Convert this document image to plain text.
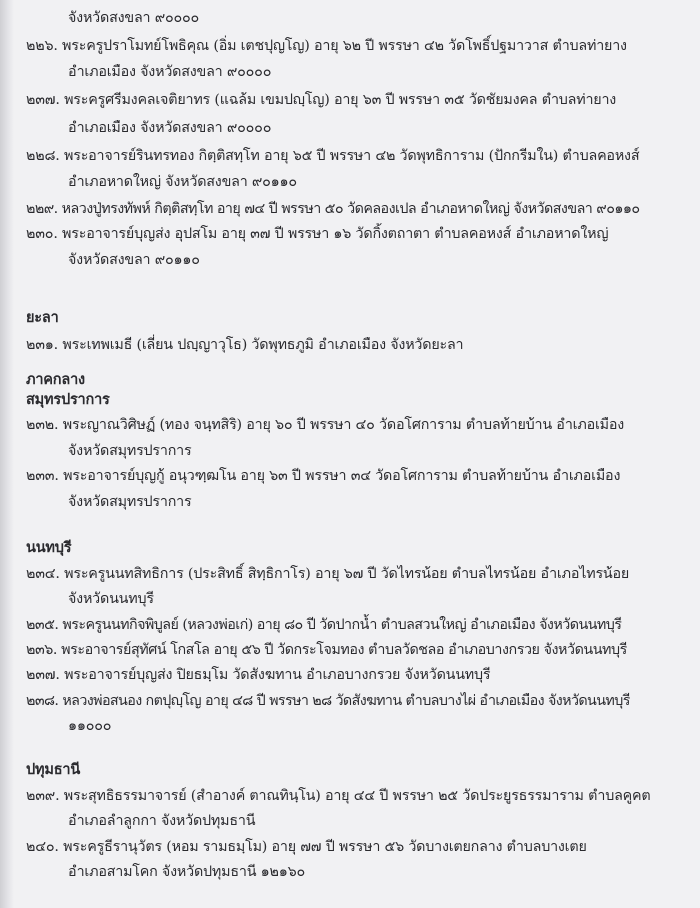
จังหวัดสงขลา ๙๐๐๐๐
๒๒๖. พระครูปราโมทย์โพธิคุณ (อิ่ม เตชปุญโญ) อายุ ๖๒ ปี พรรษา ๔๒ วัดโพธิ์ปฐมาวาส ตำบลท่ายาง
อำเภอเมือง จังหวัดสงขลา ๙๐๐๐๐
๒๓๗. พระครูศรีมงคลเจติยาทร (แฉล้ม เขมปญฺโญ) อายุ ๖๓ ปี พรรษา ๓๕ วัดชัยมงคล ตำบลท่ายาง
อำเภอเมือง จังหวัดสงขลา ๙๐๐๐๐
๒๒๘. พระอาจารย์รินทรทอง กิตฺติสทฺโท อายุ ๖๕ ปี พรรษา ๔๒ วัดพุทธิการาม (ปักกรีมใน) ตำบลคอหงส์
อำเภอหาดใหญ่ จังหวัดสงขลา ๙๐๑๑๐
๒๒๙. หลวงปู่ทรงทัพห์ กิตฺติสทฺโท อายุ ๗๔ ปี พรรษา ๕๐ วัดคลองเปล อำเภอหาดใหญ่ จังหวัดสงขลา ๙๐๑๑๐
๒๓๐. พระอาจารย์บุญส่ง อุปสโม อายุ ๓๗ ปี พรรษา ๑๖ วัดกิ้งตถาตา ตำบลคอหงส์ อำเภอหาดใหญ่
จังหวัดสงขลา ๙๐๑๑๐
ยะลา
๒๓๑. พระเทพเมธี (เลี่ยน ปญฺญาวุโธ) วัดพุทธภูมิ อำเภอเมือง จังหวัดยะลา
ภาคกลาง
สมุทรปราการ
๒๓๒. พระญาณวิศิษฏ์ (ทอง จนฺทสิริ) อายุ ๖๐ ปี พรรษา ๔๐ วัดอโศการาม ตำบลท้ายบ้าน อำเภอเมือง
จังหวัดสมุทรปราการ
๒๓๓. พระอาจารย์บุญกู้ อนุวฑฺฒโน อายุ ๖๓ ปี พรรษา ๓๔ วัดอโศการาม ตำบลท้ายบ้าน อำเภอเมือง
จังหวัดสมุทรปราการ
นนทบุรี
๒๓๔. พระครูนนทสิทธิการ (ประสิทธิ์ สิทฺธิกาโร) อายุ ๖๗ ปี วัดไทรน้อย ตำบลไทรน้อย อำเภอไทรน้อย
จังหวัดนนทบุรี
๒๓๕. พระครูนนทกิจพิบูลย์ (หลวงพ่อเก่) อายุ ๘๐ ปี วัดปากน้ำ ตำบลสวนใหญ่ อำเภอเมือง จังหวัดนนทบุรี
๒๓๖. พระอาจารย์สุทัศน์ โกสโล อายุ ๕๖ ปี วัดกระโจมทอง ตำบลวัดชลอ อำเภอบางกรวย จังหวัดนนทบุรี
๒๓๗. พระอาจารย์บุญส่ง ปิยธมฺโม วัดสังฆทาน อำเภอบางกรวย จังหวัดนนทบุรี
๒๓๘. หลวงพ่อสนอง กตปุญฺโญ อายุ ๔๘ ปี พรรษา ๒๘ วัดสังฆทาน ตำบลบางไผ่ อำเภอเมือง จังหวัดนนทบุรี
๑๑๐๐๐
ปทุมธานี
๒๓๙. พระสุทธิธรรมาจารย์ (สำอางค์ ตาณทินฺโน) อายุ ๔๔ ปี พรรษา ๒๕ วัดประยูรธรรมาราม ตำบลคูคต
อำเภอลำลูกกา จังหวัดปทุมธานี
๒๔๐. พระครูธีรานุวัตร (หอม รามธมฺโม) อายุ ๗๗ ปี พรรษา ๕๖ วัดบางเตยกลาง ตำบลบางเตย
อำเภอสามโคก จังหวัดปทุมธานี ๑๒๑๖๐
